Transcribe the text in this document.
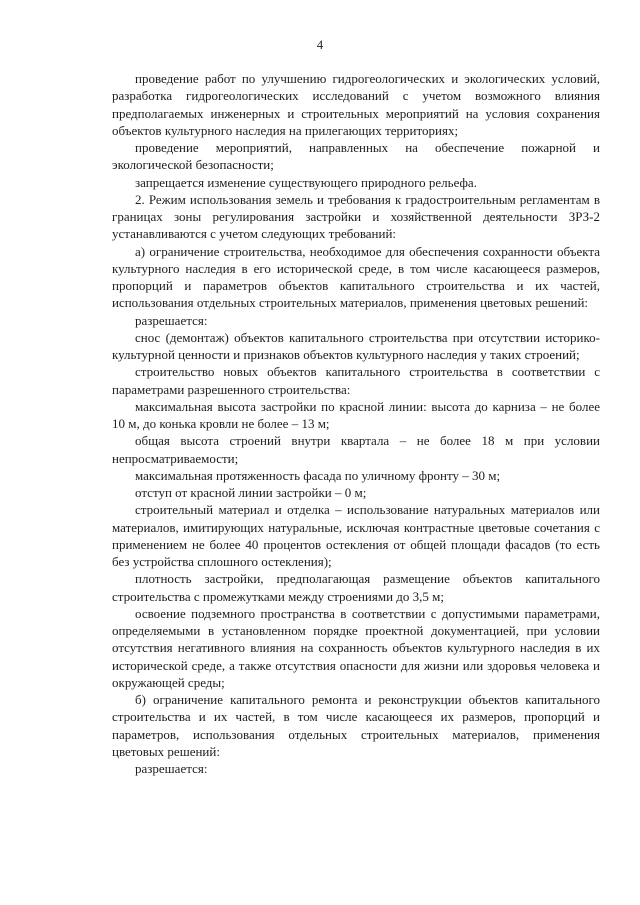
4

проведение работ по улучшению гидрогеологических и экологических условий, разработка гидрогеологических исследований с учетом возможного влияния предполагаемых инженерных и строительных мероприятий на условия сохранения объектов культурного наследия на прилегающих территориях;

проведение мероприятий, направленных на обеспечение пожарной и экологической безопасности;

запрещается изменение существующего природного рельефа.

2. Режим использования земель и требования к градостроительным регламентам в границах зоны регулирования застройки и хозяйственной деятельности ЗРЗ-2 устанавливаются с учетом следующих требований:

а) ограничение строительства, необходимое для обеспечения сохранности объекта культурного наследия в его исторической среде, в том числе касающееся размеров, пропорций и параметров объектов капитального строительства и их частей, использования отдельных строительных материалов, применения цветовых решений:

разрешается:

снос (демонтаж) объектов капитального строительства при отсутствии историко-культурной ценности и признаков объектов культурного наследия у таких строений;

строительство новых объектов капитального строительства в соответствии с параметрами разрешенного строительства:

максимальная высота застройки по красной линии: высота до карниза – не более 10 м, до конька кровли не более – 13 м;

общая высота строений внутри квартала – не более 18 м при условии непросматриваемости;

максимальная протяженность фасада по уличному фронту – 30 м;

отступ от красной линии застройки – 0 м;

строительный материал и отделка – использование натуральных материалов или материалов, имитирующих натуральные, исключая контрастные цветовые сочетания с применением не более 40 процентов остекления от общей площади фасадов (то есть без устройства сплошного остекления);

плотность застройки, предполагающая размещение объектов капитального строительства с промежутками между строениями до 3,5 м;

освоение подземного пространства в соответствии с допустимыми параметрами, определяемыми в установленном порядке проектной документацией, при условии отсутствия негативного влияния на сохранность объектов культурного наследия в их исторической среде, а также отсутствия опасности для жизни или здоровья человека и окружающей среды;

б) ограничение капитального ремонта и реконструкции объектов капитального строительства и их частей, в том числе касающееся их размеров, пропорций и параметров, использования отдельных строительных материалов, применения цветовых решений:

разрешается:
